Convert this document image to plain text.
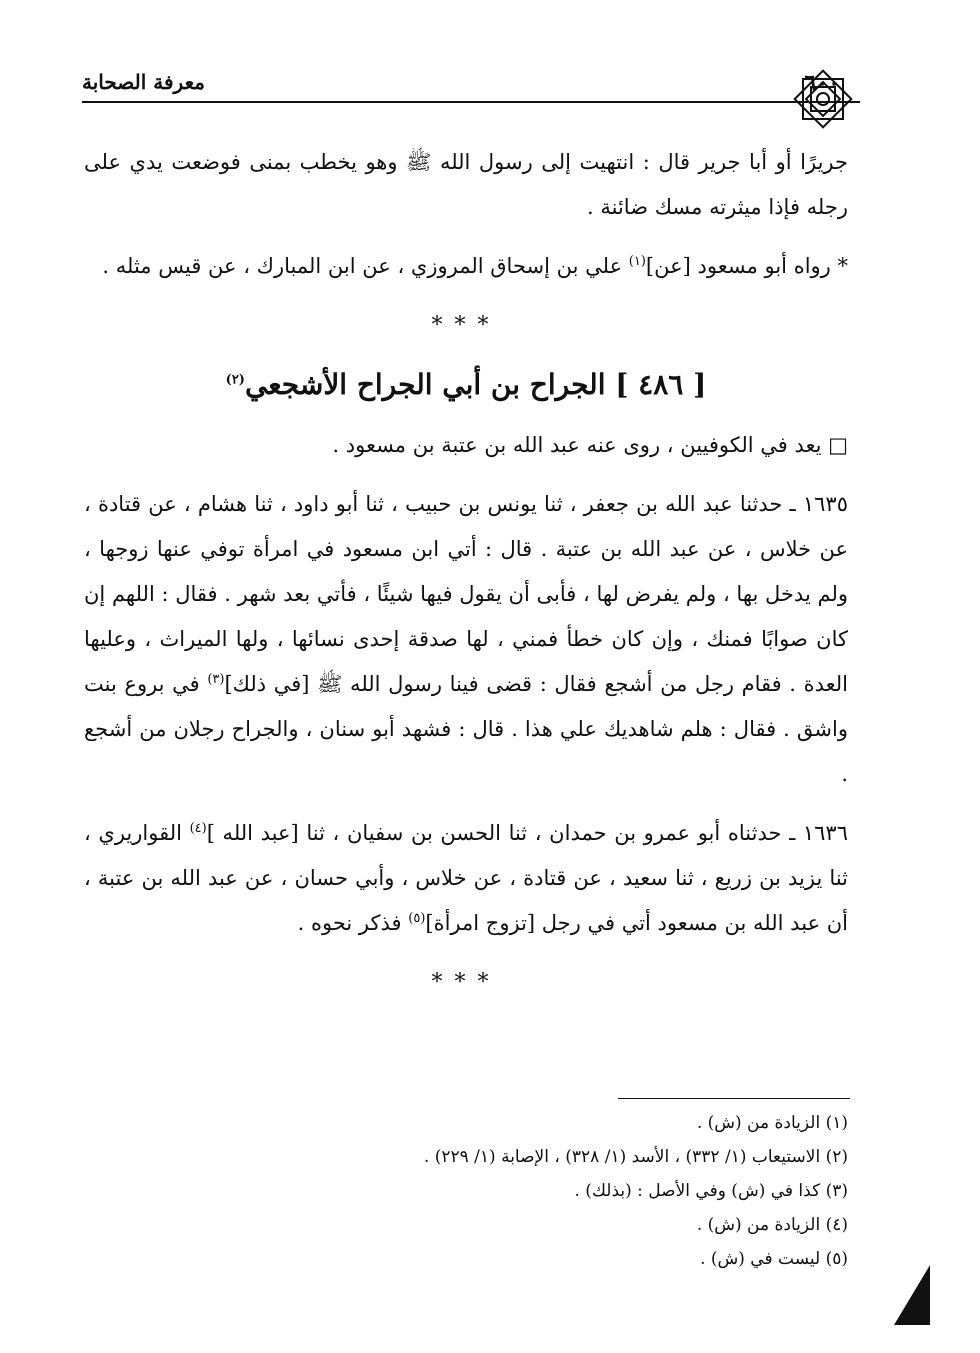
٦٠٠
معرفة الصحابة

جريرًا أو أبا جرير قال : انتهيت إلى رسول الله ﷺ وهو يخطب بمنى فوضعت يدي على رجله فإذا ميثرته مسك ضائنة .

* رواه أبو مسعود [عن]$^{(١)}$ علي بن إسحاق المروزي ، عن ابن المبارك ، عن قيس مثله .

***
[ ٤٨٦ ] الجراح بن أبي الجراح الأشجعي$^{(٢)}$

□ يعد في الكوفيين ، روى عنه عبد الله بن عتبة بن مسعود .

١٦٣٥ ـ حدثنا عبد الله بن جعفر ، ثنا يونس بن حبيب ، ثنا أبو داود ، ثنا هشام ، عن قتادة ، عن خلاس ، عن عبد الله بن عتبة . قال : أتي ابن مسعود في امرأة توفي عنها زوجها ، ولم يدخل بها ، ولم يفرض لها ، فأبى أن يقول فيها شيئًا ، فأتي بعد شهر . فقال : اللهم إن كان صوابًا فمنك ، وإن كان خطأ فمني ، لها صدقة إحدى نسائها ، ولها الميراث ، وعليها العدة . فقام رجل من أشجع فقال : قضى فينا رسول الله ﷺ [في ذلك]$^{(٣)}$ في بروع بنت واشق . فقال : هلم شاهديك علي هذا . قال : فشهد أبو سنان ، والجراح رجلان من أشجع .

١٦٣٦ ـ حدثناه أبو عمرو بن حمدان ، ثنا الحسن بن سفيان ، ثنا [عبد الله ]$^{(٤)}$ القواريري ، ثنا يزيد بن زريع ، ثنا سعيد ، عن قتادة ، عن خلاس ، وأبي حسان ، عن عبد الله بن عتبة ، أن عبد الله بن مسعود أتي في رجل [تزوج امرأة]$^{(٥)}$ فذكر نحوه .

***
(١) الزيادة من (ش) .
(٢) الاستيعاب (١/ ٣٣٢) ، الأسد (١/ ٣٢٨) ، الإصابة (١/ ٢٢٩) .
(٣) كذا في (ش) وفي الأصل : (بذلك) .
(٤) الزيادة من (ش) .
(٥) ليست في (ش) .
